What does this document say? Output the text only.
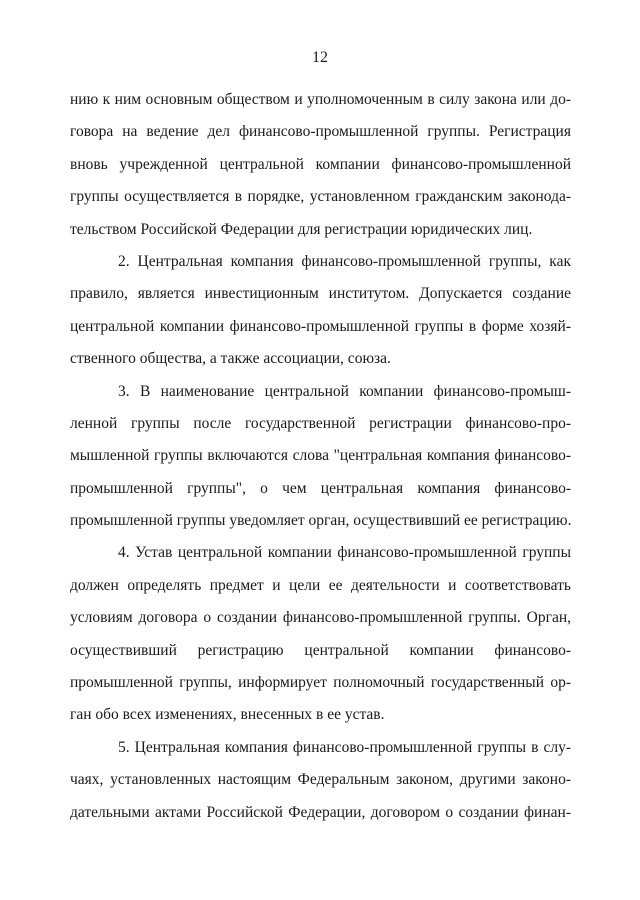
12
нию к ним основным обществом и уполномоченным в силу закона или до-
говора на ведение дел финансово-промышленной группы. Регистрация
вновь учрежденной центральной компании финансово-промышленной
группы осуществляется в порядке, установленном гражданским законода-
тельством Российской Федерации для регистрации юридических лиц.
2. Центральная компания финансово-промышленной группы, как
правило, является инвестиционным институтом. Допускается создание
центральной компании финансово-промышленной группы в форме хозяй-
ственного общества, а также ассоциации, союза.
3. В наименование центральной компании финансово-промыш-
ленной группы после государственной регистрации финансово-про-
мышленной группы включаются слова "центральная компания финансово-
промышленной группы", о чем центральная компания финансово-
промышленной группы уведомляет орган, осуществивший ее регистрацию.
4. Устав центральной компании финансово-промышленной группы
должен определять предмет и цели ее деятельности и соответствовать
условиям договора о создании финансово-промышленной группы. Орган,
осуществивший регистрацию центральной компании финансово-
промышленной группы, информирует полномочный государственный ор-
ган обо всех изменениях, внесенных в ее устав.
5. Центральная компания финансово-промышленной группы в слу-
чаях, установленных настоящим Федеральным законом, другими законо-
дательными актами Российской Федерации, договором о создании финан-
